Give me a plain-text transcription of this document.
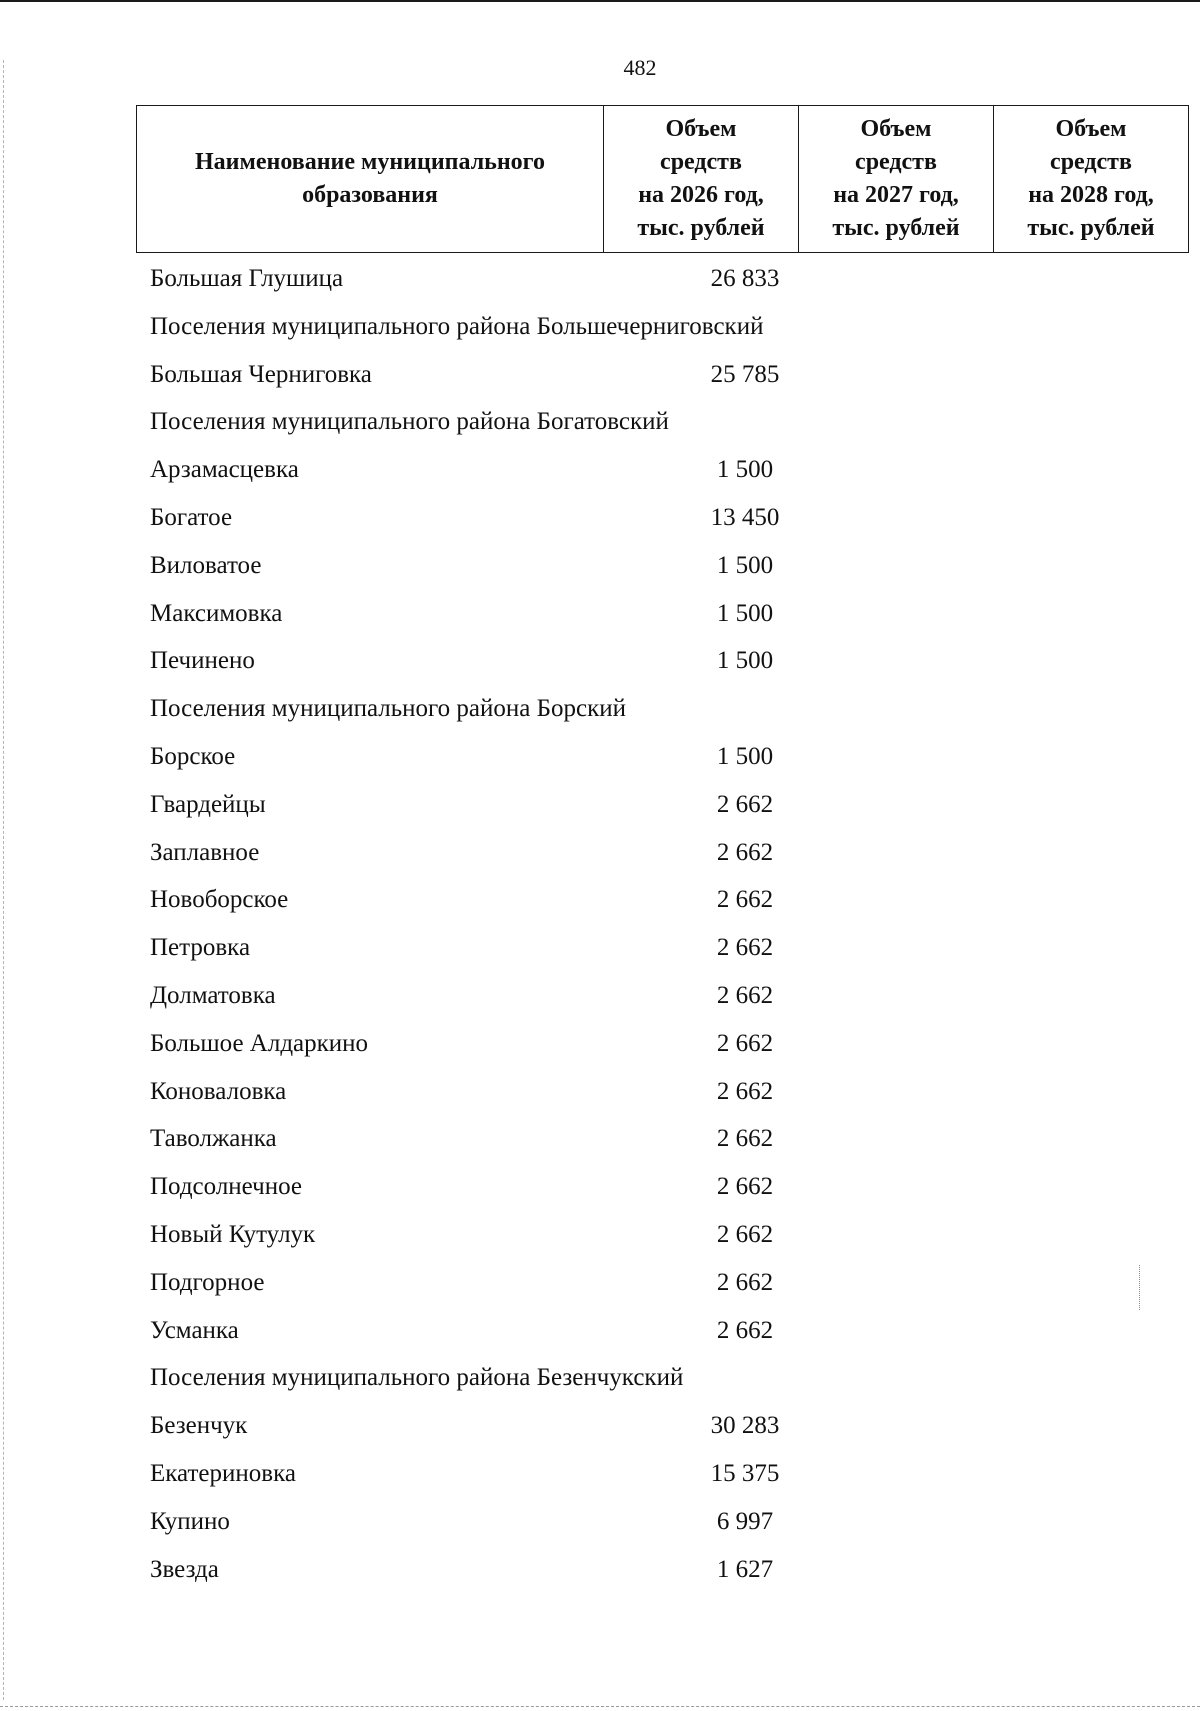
482
Наименование муниципального
образования

Объем
средств
на 2026 год,
тыс. рублей

Объем
средств
на 2027 год,
тыс. рублей

Объем
средств
на 2028 год,
тыс. рублей
Большая Глушица	26 833
Поселения муниципального района Большечерниговский
Большая Черниговка	25 785
Поселения муниципального района Богатовский
Арзамасцевка	1 500
Богатое	13 450
Виловатое	1 500
Максимовка	1 500
Печинено	1 500
Поселения муниципального района Борский
Борское	1 500
Гвардейцы	2 662
Заплавное	2 662
Новоборское	2 662
Петровка	2 662
Долматовка	2 662
Большое Алдаркино	2 662
Коноваловка	2 662
Таволжанка	2 662
Подсолнечное	2 662
Новый Кутулук	2 662
Подгорное	2 662
Усманка	2 662
Поселения муниципального района Безенчукский
Безенчук	30 283
Екатериновка	15 375
Купино	6 997
Звезда	1 627
